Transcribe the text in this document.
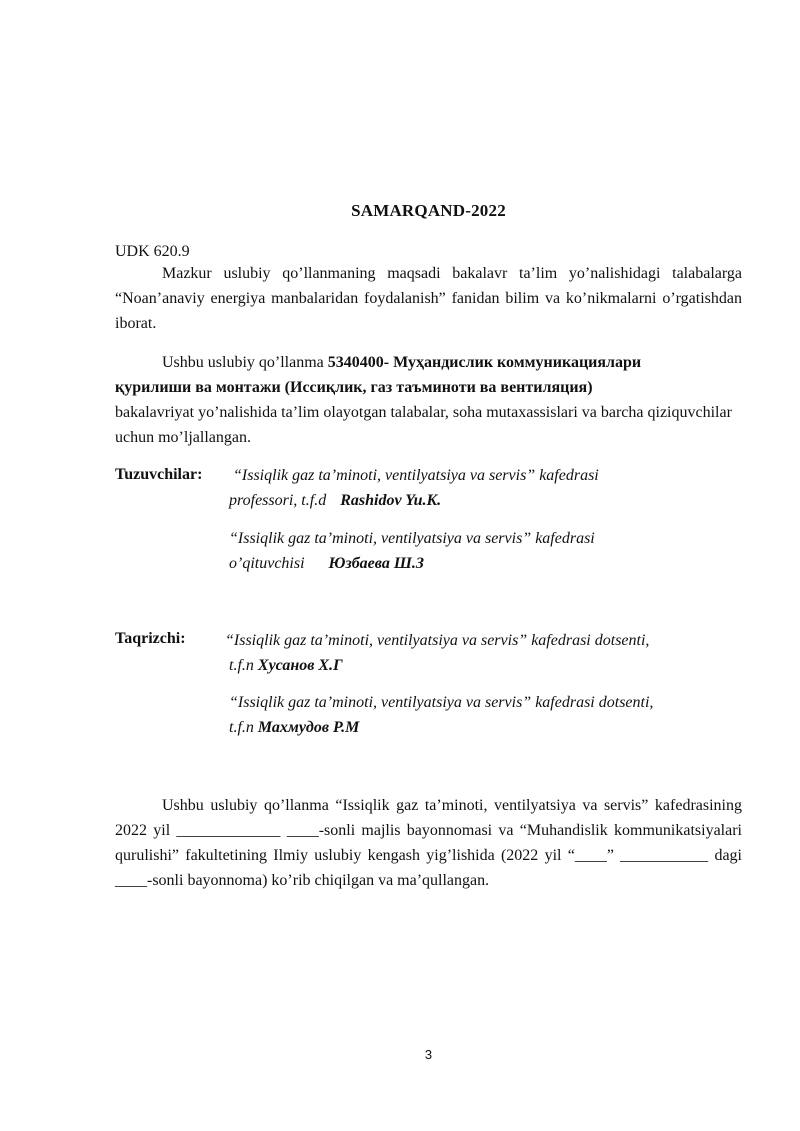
SAMARQAND-2022
UDK 620.9

Mazkur uslubiy qo’llanmaning maqsadi bakalavr ta’lim yo’nalishidagi talabalarga “Noan’anaviy energiya manbalaridan foydalanish” fanidan bilim va ko’nikmalarni o’rgatishdan iborat.

Ushbu uslubiy qo’llanma 5340400- Муҳандислик коммуникациялари
қурилиши ва монтажи (Иссиқлик, газ таъминоти ва вентиляция)
bakalavriyat yo’nalishida ta’lim olayotgan talabalar, soha mutaxassislari va barcha qiziquvchilar uchun mo’ljallangan.

Tuzuvchilar: “Issiqlik gaz ta’minoti, ventilyatsiya va servis” kafedrasi
professori, t.f.d Rashidov Yu.K.
“Issiqlik gaz ta’minoti, ventilyatsiya va servis” kafedrasi
o’qituvchisi Юзбаева Ш.З
Taqrizchi: “Issiqlik gaz ta’minoti, ventilyatsiya va servis” kafedrasi dotsenti,
t.f.n Хусанов Х.Г
“Issiqlik gaz ta’minoti, ventilyatsiya va servis” kafedrasi dotsenti,
t.f.n Махмудов Р.М

Ushbu uslubiy qo’llanma “Issiqlik gaz ta’minoti, ventilyatsiya va servis” kafedrasining 2022 yil _____________ ____-sonli majlis bayonnomasi va “Muhandislik kommunikatsiyalari qurulishi” fakultetining Ilmiy uslubiy kengash yig’lishida (2022 yil “____” ___________ dagi ____-sonli bayonnoma) ko’rib chiqilgan va ma’qullangan.

3
